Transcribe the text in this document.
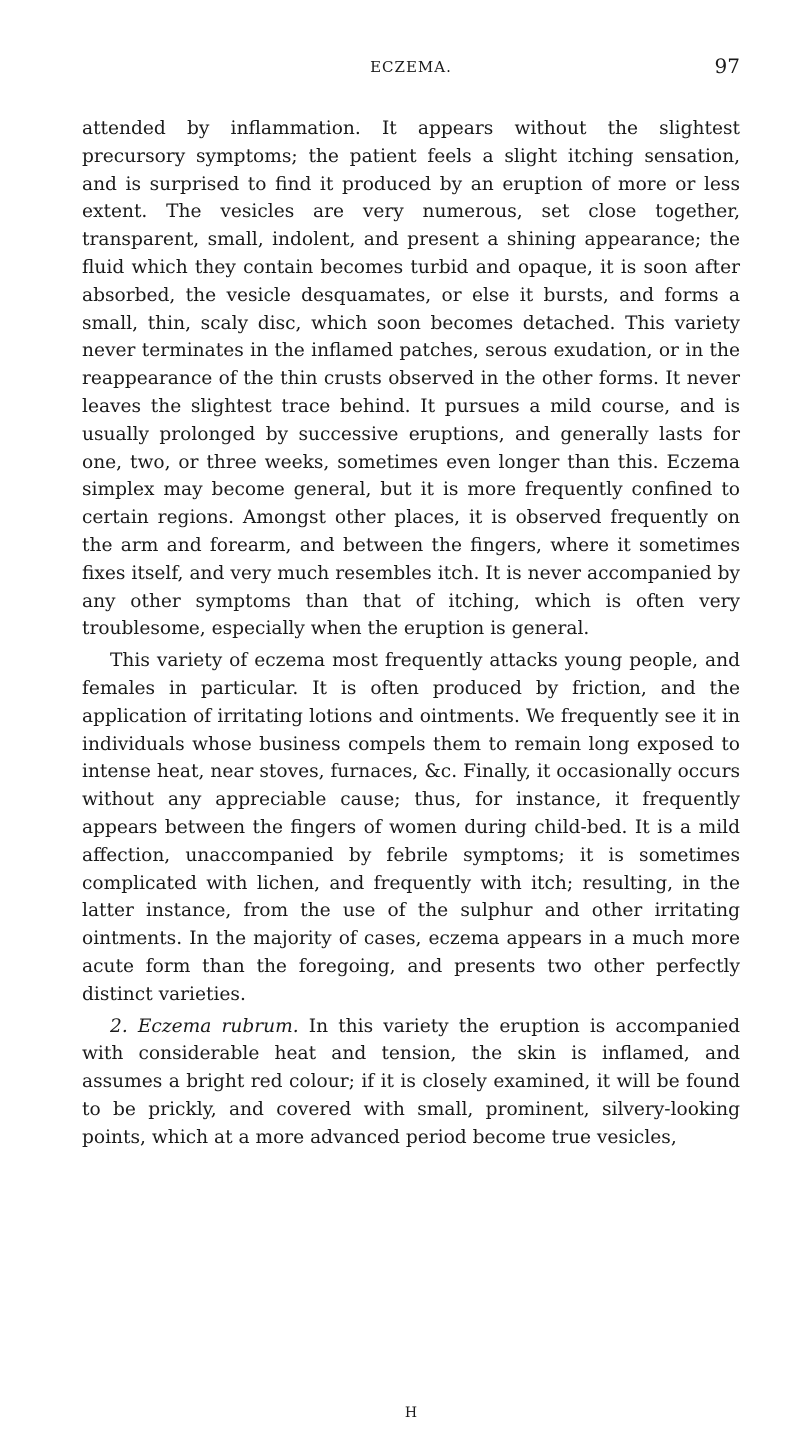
ECZEMA.	97

attended by inflammation. It appears without the slightest precursory symptoms; the patient feels a slight itching sensation, and is surprised to find it produced by an eruption of more or less extent. The vesicles are very numerous, set close together, transparent, small, indolent, and present a shining appearance; the fluid which they contain becomes turbid and opaque, it is soon after absorbed, the vesicle desquamates, or else it bursts, and forms a small, thin, scaly disc, which soon becomes detached. This variety never terminates in the inflamed patches, serous exudation, or in the reappearance of the thin crusts observed in the other forms. It never leaves the slightest trace behind. It pursues a mild course, and is usually prolonged by successive eruptions, and generally lasts for one, two, or three weeks, sometimes even longer than this. Eczema simplex may become general, but it is more frequently confined to certain regions. Amongst other places, it is observed frequently on the arm and forearm, and between the fingers, where it sometimes fixes itself, and very much resembles itch. It is never accompanied by any other symptoms than that of itching, which is often very troublesome, especially when the eruption is general.

This variety of eczema most frequently attacks young people, and females in particular. It is often produced by friction, and the application of irritating lotions and ointments. We frequently see it in individuals whose business compels them to remain long exposed to intense heat, near stoves, furnaces, &c. Finally, it occasionally occurs without any appreciable cause; thus, for instance, it frequently appears between the fingers of women during child-bed. It is a mild affection, unaccompanied by febrile symptoms; it is sometimes complicated with lichen, and frequently with itch; resulting, in the latter instance, from the use of the sulphur and other irritating ointments. In the majority of cases, eczema appears in a much more acute form than the foregoing, and presents two other perfectly distinct varieties.

2. Eczema rubrum. In this variety the eruption is accompanied with considerable heat and tension, the skin is inflamed, and assumes a bright red colour; if it is closely examined, it will be found to be prickly, and covered with small, prominent, silvery-looking points, which at a more advanced period become true vesicles,

H
